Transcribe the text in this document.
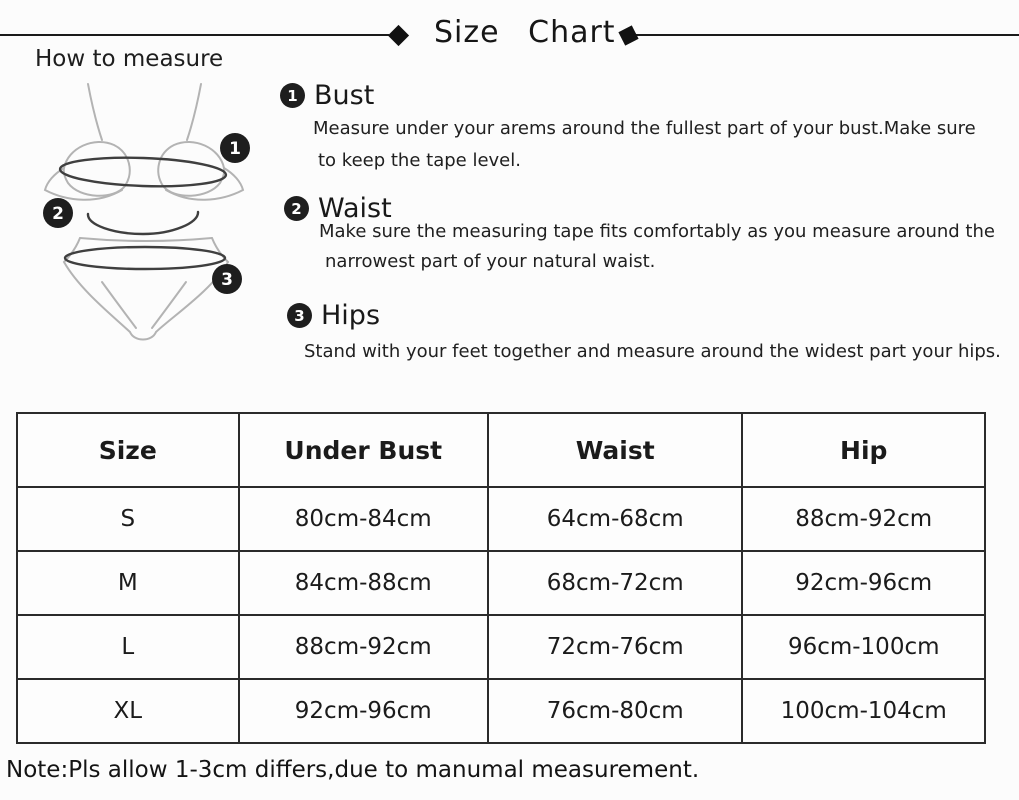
Size Chart
How to measure
1
2
3
1 Bust
Measure under your arems around the fullest part of your bust.Make sure
to keep the tape level.
2 Waist
Make sure the measuring tape fits comfortably as you measure around the
narrowest part of your natural waist.
3 Hips
Stand with your feet together and measure around the widest part your hips.
Size	Under Bust	Waist	Hip
S	80cm-84cm	64cm-68cm	88cm-92cm
M	84cm-88cm	68cm-72cm	92cm-96cm
L	88cm-92cm	72cm-76cm	96cm-100cm
XL	92cm-96cm	76cm-80cm	100cm-104cm
Note:Pls allow 1-3cm differs,due to manumal measurement.
